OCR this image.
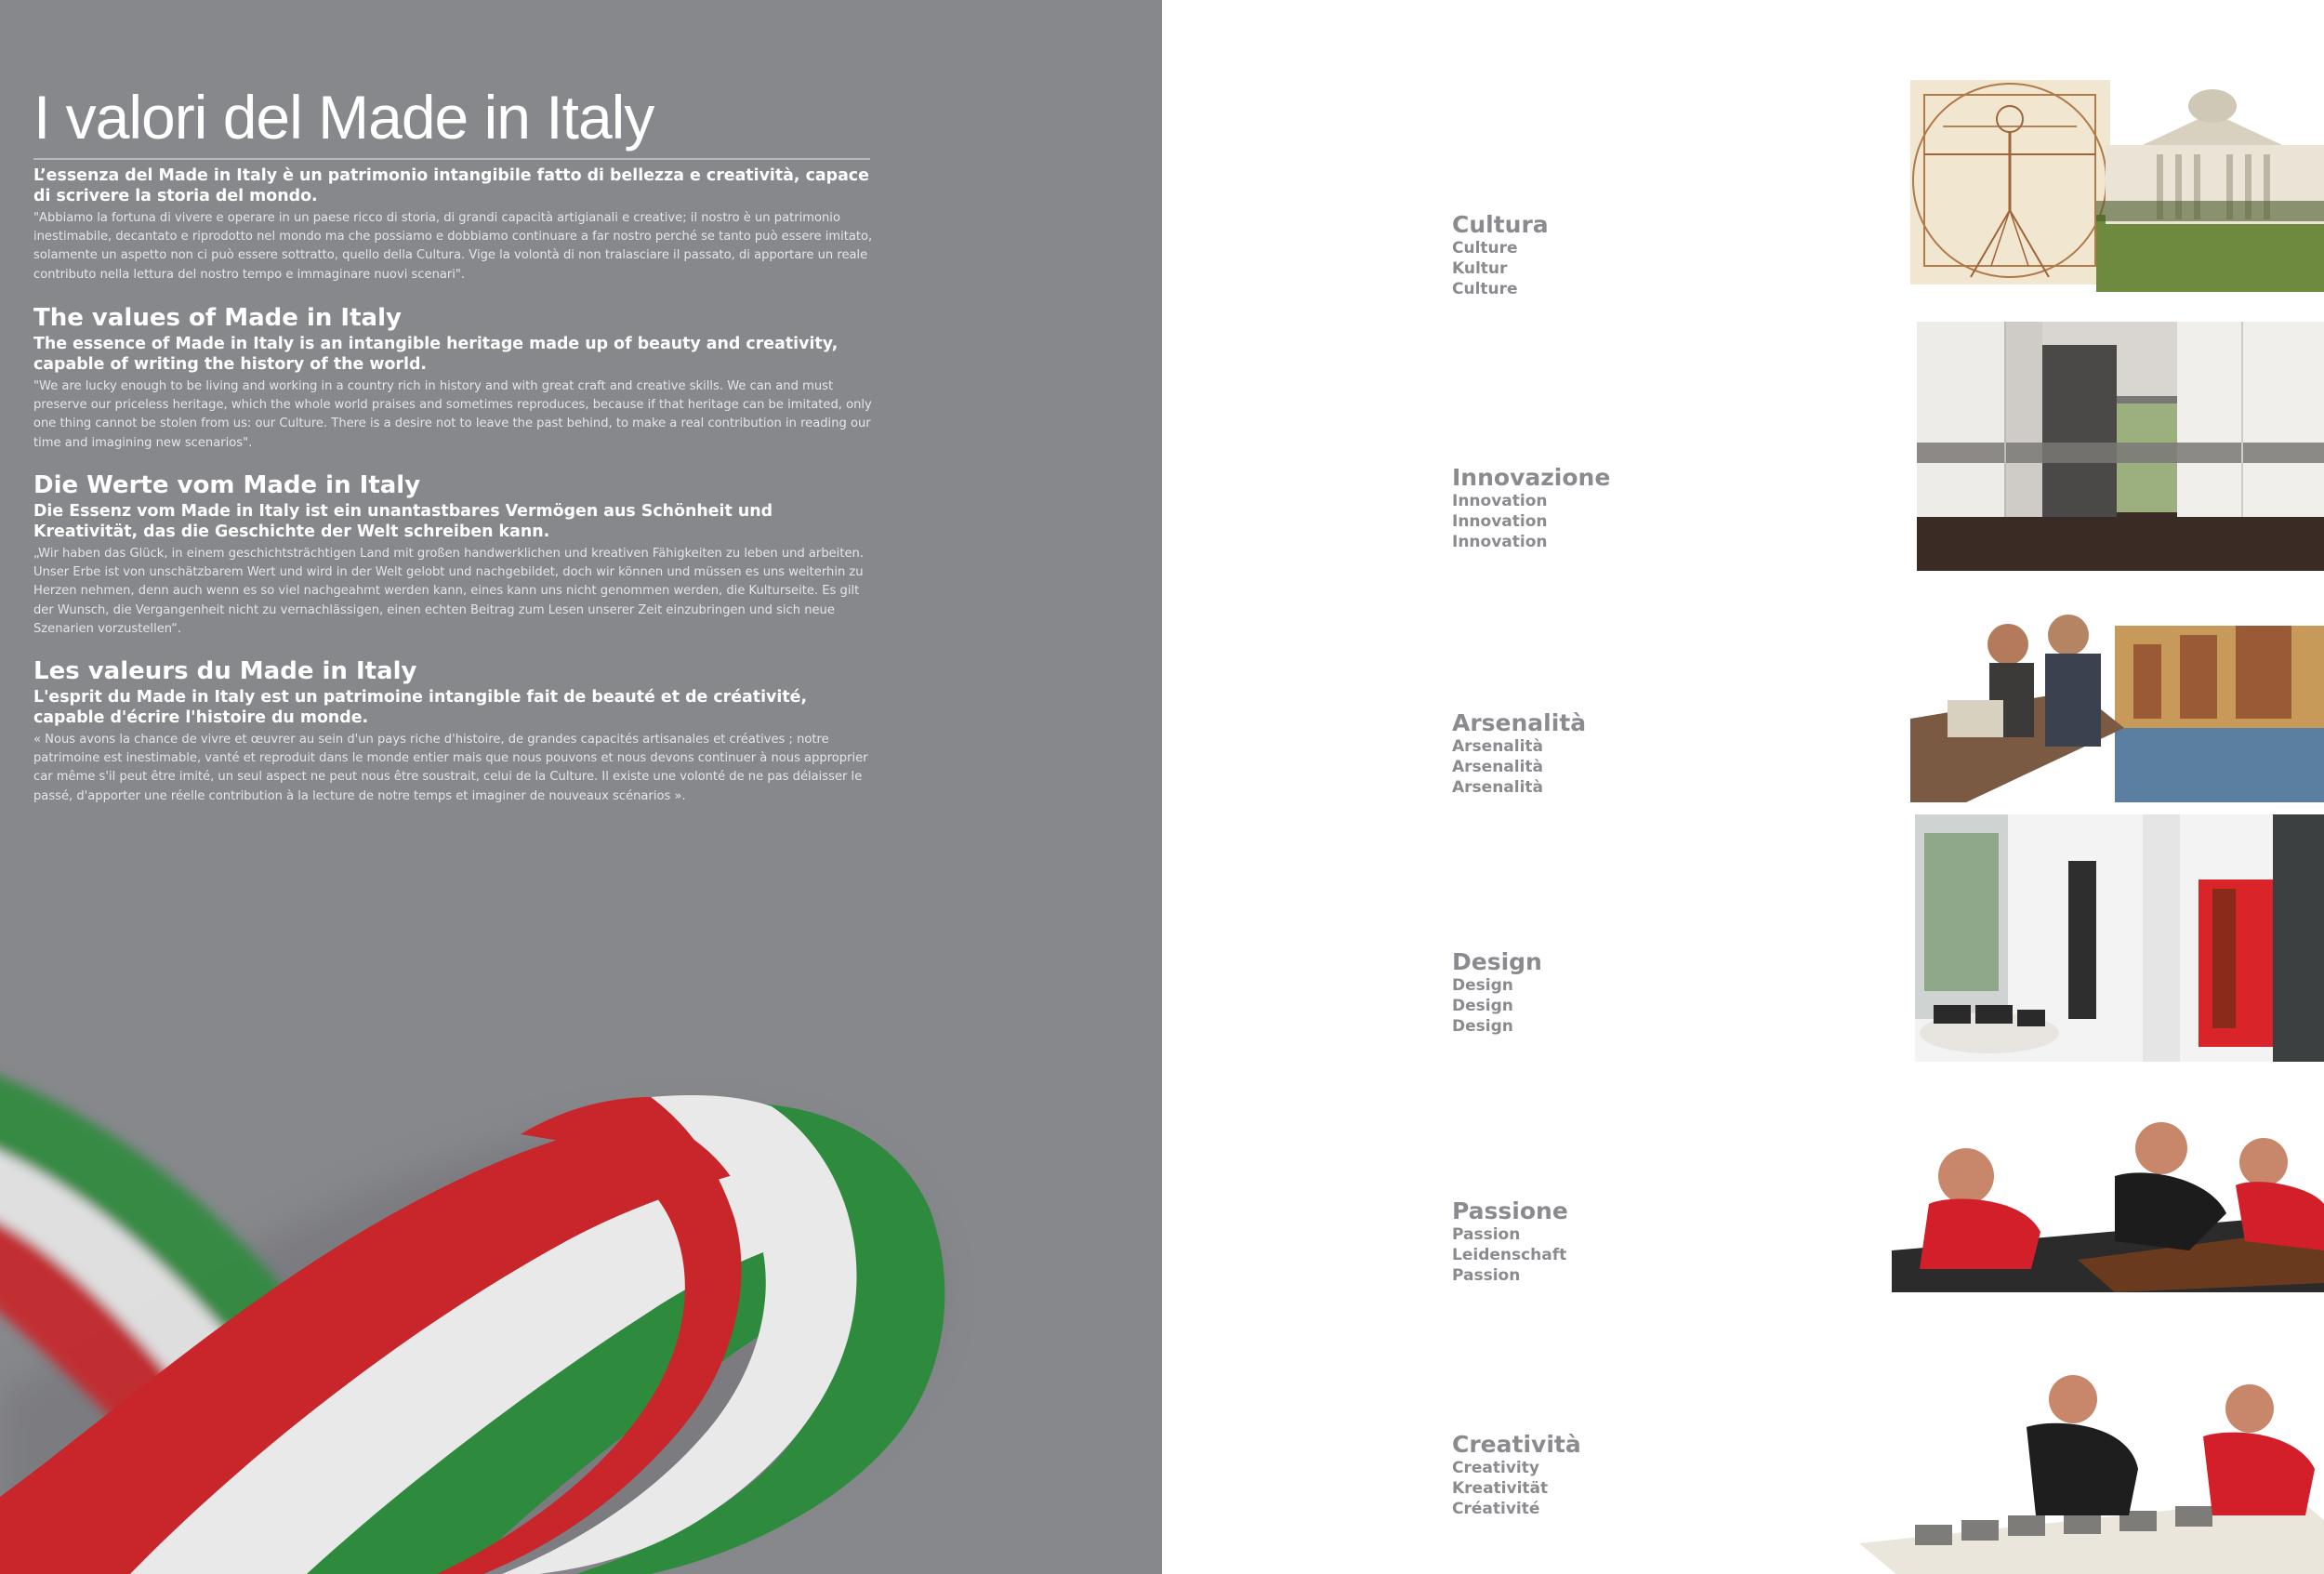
I valori del Made in Italy

L’essenza del Made in Italy è un patrimonio intangibile fatto di bellezza e creatività, capace di scrivere la storia del mondo.

"Abbiamo la fortuna di vivere e operare in un paese ricco di storia, di grandi capacità artigianali e creative; il nostro è un patrimonio inestimabile, decantato e riprodotto nel mondo ma che possiamo e dobbiamo continuare a far nostro perché se tanto può essere imitato, solamente un aspetto non ci può essere sottratto, quello della Cultura. Vige la volontà di non tralasciare il passato, di apportare un reale contributo nella lettura del nostro tempo e immaginare nuovi scenari".

The values of Made in Italy

The essence of Made in Italy is an intangible heritage made up of beauty and creativity, capable of writing the history of the world.

"We are lucky enough to be living and working in a country rich in history and with great craft and creative skills. We can and must preserve our priceless heritage, which the whole world praises and sometimes reproduces, because if that heritage can be imitated, only one thing cannot be stolen from us: our Culture. There is a desire not to leave the past behind, to make a real contribution in reading our time and imagining new scenarios".

Die Werte vom Made in Italy

Die Essenz vom Made in Italy ist ein unantastbares Vermögen aus Schönheit und Kreativität, das die Geschichte der Welt schreiben kann.

„Wir haben das Glück, in einem geschichtsträchtigen Land mit großen handwerklichen und kreativen Fähigkeiten zu leben und arbeiten. Unser Erbe ist von unschätzbarem Wert und wird in der Welt gelobt und nachgebildet, doch wir können und müssen es uns weiterhin zu Herzen nehmen, denn auch wenn es so viel nachgeahmt werden kann, eines kann uns nicht genommen werden, die Kulturseite. Es gilt der Wunsch, die Vergangenheit nicht zu vernachlässigen, einen echten Beitrag zum Lesen unserer Zeit einzubringen und sich neue Szenarien vorzustellen“.

Les valeurs du Made in Italy

L'esprit du Made in Italy est un patrimoine intangible fait de beauté et de créativité, capable d'écrire l'histoire du monde.

« Nous avons la chance de vivre et œuvrer au sein d'un pays riche d'histoire, de grandes capacités artisanales et créatives ; notre patrimoine est inestimable, vanté et reproduit dans le monde entier mais que nous pouvons et nous devons continuer à nous approprier car même s'il peut être imité, un seul aspect ne peut nous être soustrait, celui de la Culture. Il existe une volonté de ne pas délaisser le passé, d'apporter une réelle contribution à la lecture de notre temps et imaginer de nouveaux scénarios ».

Cultura
Culture
Kultur
Culture
Innovazione
Innovation
Innovation
Innovation
Arsenalità
Arsenalità
Arsenalità
Arsenalità
Design
Design
Design
Design
Passione
Passion
Leidenschaft
Passion
Creatività
Creativity
Kreativität
Créativité
